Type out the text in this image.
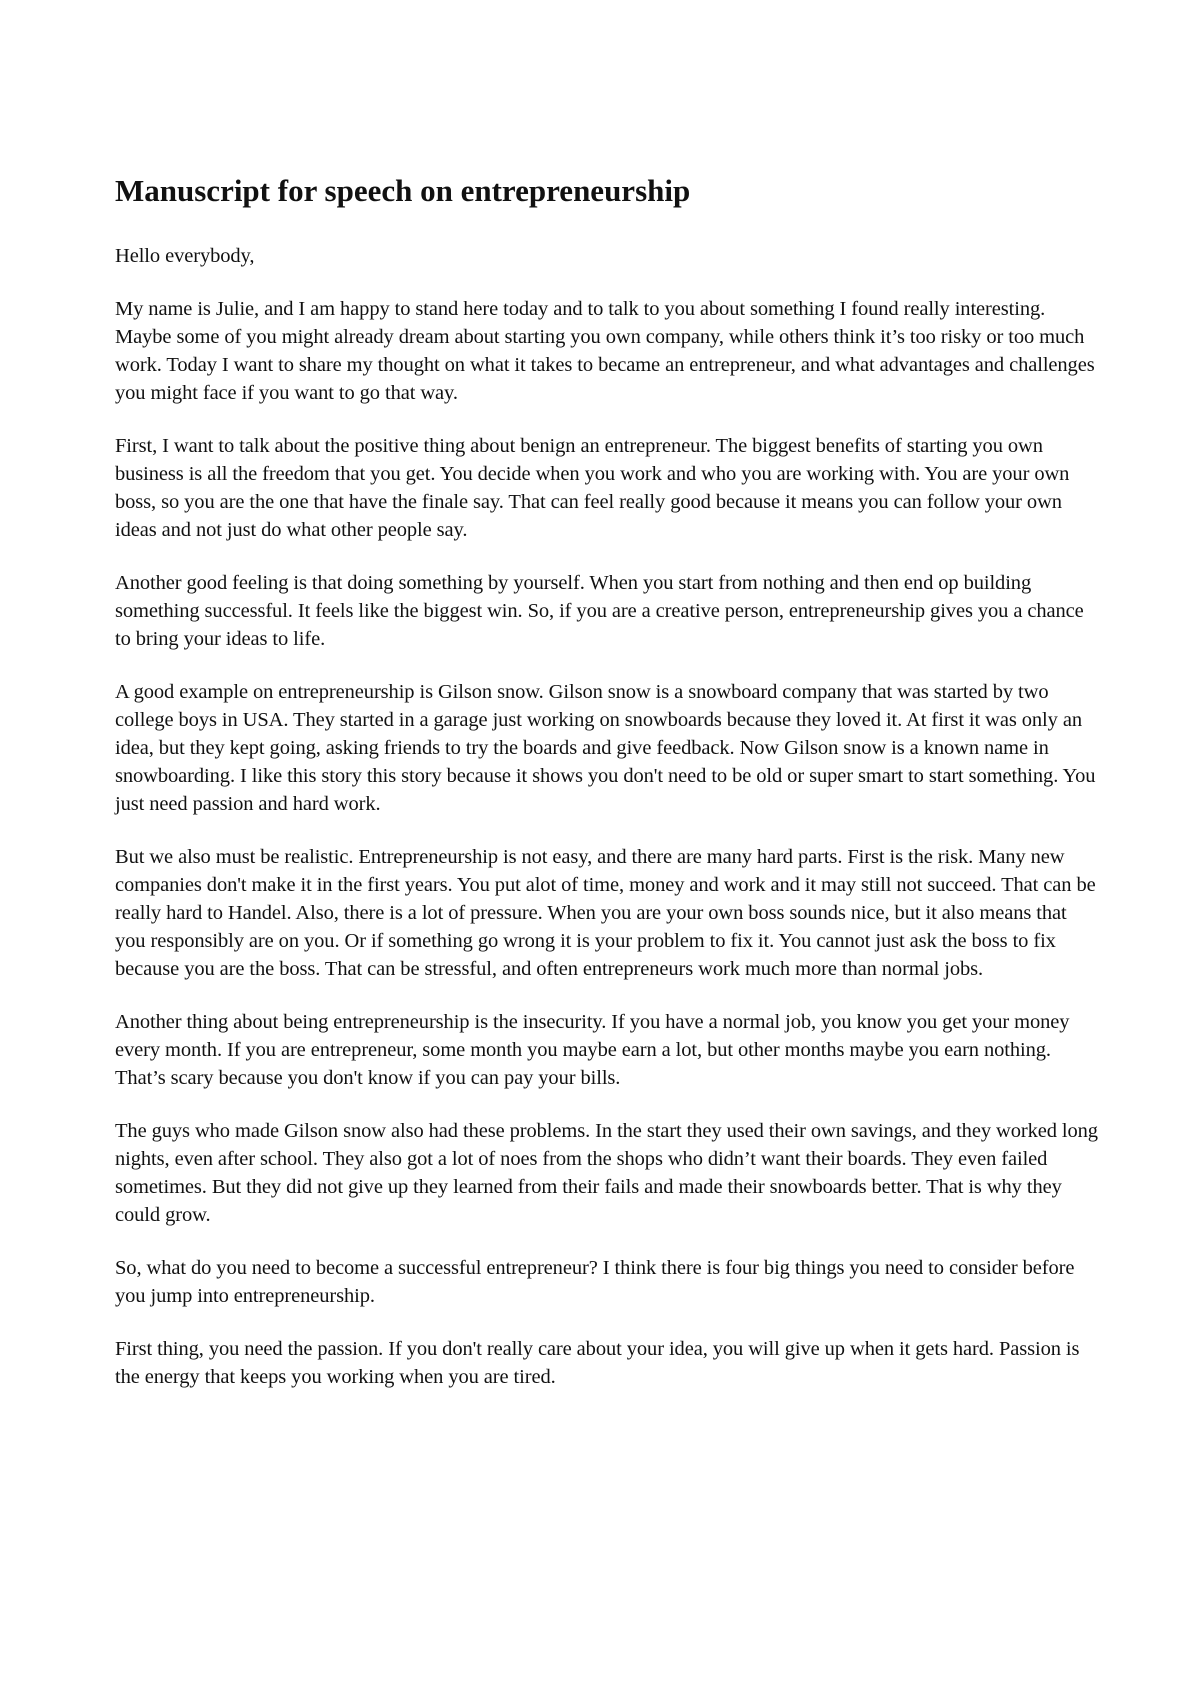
Manuscript for speech on entrepreneurship

Hello everybody,

My name is Julie, and I am happy to stand here today and to talk to you about something I found really interesting. Maybe some of you might already dream about starting you own company, while others think it’s too risky or too much work. Today I want to share my thought on what it takes to became an entrepreneur, and what advantages and challenges you might face if you want to go that way.

First, I want to talk about the positive thing about benign an entrepreneur. The biggest benefits of starting you own business is all the freedom that you get. You decide when you work and who you are working with. You are your own boss, so you are the one that have the finale say. That can feel really good because it means you can follow your own ideas and not just do what other people say.

Another good feeling is that doing something by yourself. When you start from nothing and then end op building something successful. It feels like the biggest win. So, if you are a creative person, entrepreneurship gives you a chance to bring your ideas to life.

A good example on entrepreneurship is Gilson snow. Gilson snow is a snowboard company that was started by two college boys in USA. They started in a garage just working on snowboards because they loved it. At first it was only an idea, but they kept going, asking friends to try the boards and give feedback. Now Gilson snow is a known name in snowboarding. I like this story this story because it shows you don't need to be old or super smart to start something. You just need passion and hard work.

But we also must be realistic. Entrepreneurship is not easy, and there are many hard parts. First is the risk. Many new companies don't make it in the first years. You put alot of time, money and work and it may still not succeed. That can be really hard to Handel. Also, there is a lot of pressure. When you are your own boss sounds nice, but it also means that you responsibly are on you. Or if something go wrong it is your problem to fix it. You cannot just ask the boss to fix because you are the boss. That can be stressful, and often entrepreneurs work much more than normal jobs.

Another thing about being entrepreneurship is the insecurity. If you have a normal job, you know you get your money every month. If you are entrepreneur, some month you maybe earn a lot, but other months maybe you earn nothing. That’s scary because you don't know if you can pay your bills.

The guys who made Gilson snow also had these problems. In the start they used their own savings, and they worked long nights, even after school. They also got a lot of noes from the shops who didn’t want their boards. They even failed sometimes. But they did not give up they learned from their fails and made their snowboards better. That is why they could grow.

So, what do you need to become a successful entrepreneur? I think there is four big things you need to consider before you jump into entrepreneurship.

First thing, you need the passion. If you don't really care about your idea, you will give up when it gets hard. Passion is the energy that keeps you working when you are tired.
